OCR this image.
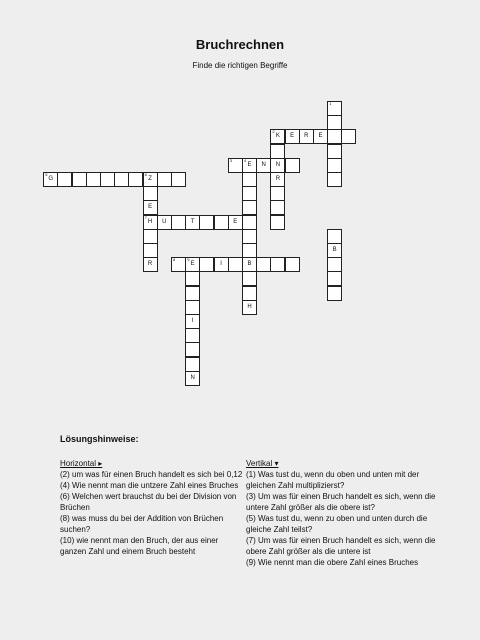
Bruchrechnen
Finde die richtigen Begriffe
1
K
2
E	R	E
3
E
4
N	N
R
G
5
Z
6
E
H
7
R
U	T	E
B
H
8
E
9
I
I
N
B
Lösungshinweise:
Horizontal ▸
(2) um was für einen Bruch handelt es sich bei 0,12
(4) Wie nennt man die untzere Zahl eines Bruches
(6) Welchen wert brauchst du bei der Division von Brüchen
(8) was muss du bei der Addition von Brüchen suchen?
(10) wie nennt man den Bruch, der aus einer ganzen Zahl und einem Bruch besteht
Vertikal ▾
(1) Was tust du, wenn du oben und unten mit der gleichen Zahl multiplizierst?
(3) Um was für einen Bruch handelt es sich, wenn die untere Zahl größer als die obere ist?
(5) Was tust du, wenn zu oben und unten durch die gleiche Zahl teilst?
(7) Um was für einen Bruch handelt es sich, wenn die obere Zahl größer als die untere ist
(9) Wie nennt man die obere Zahl eines Bruches
